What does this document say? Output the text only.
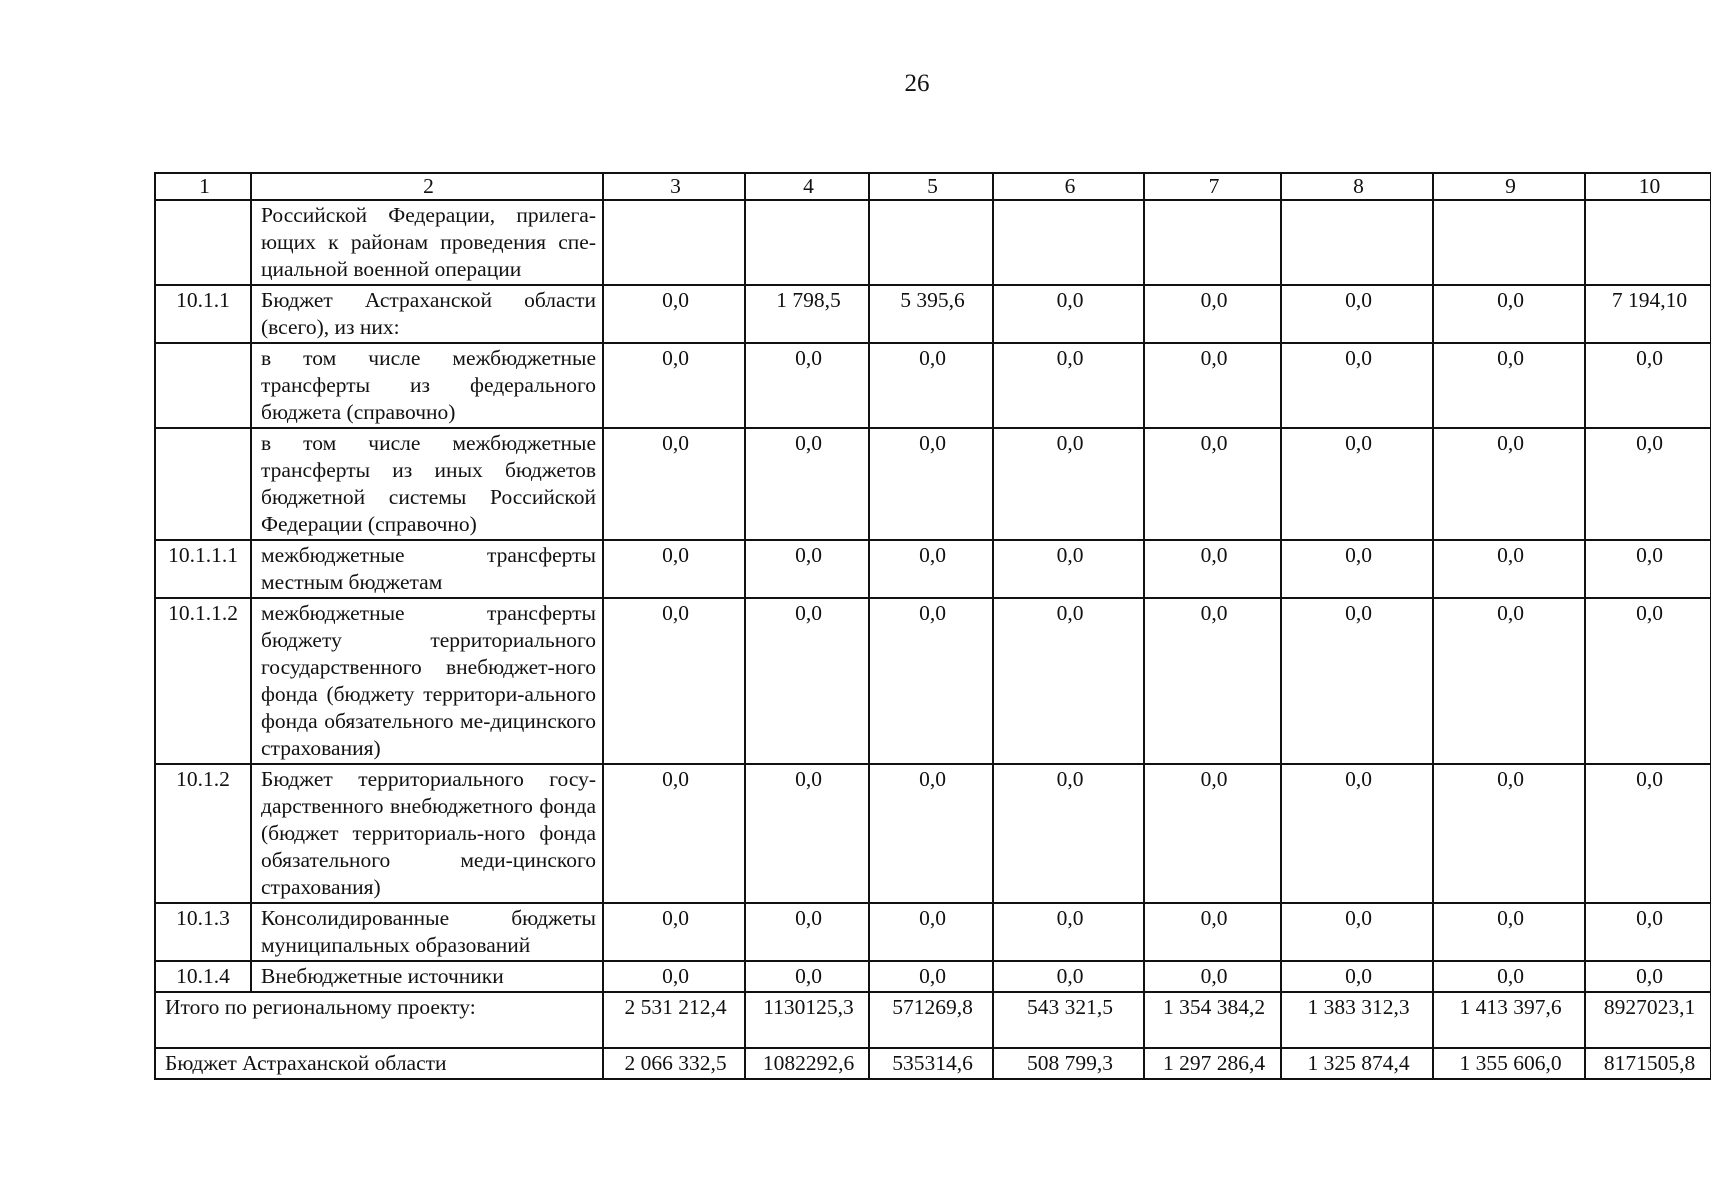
26
1	2	3	4	5	6	7	8	9	10
	Российской Федерации, прилега-ющих к районам проведения спе-циальной военной операции								
10.1.1	Бюджет Астраханской области (всего), из них:	0,0	1 798,5	5 395,6	0,0	0,0	0,0	0,0	7 194,10
	в том числе межбюджетные трансферты из федерального бюджета (справочно)	0,0	0,0	0,0	0,0	0,0	0,0	0,0	0,0
	в том числе межбюджетные трансферты из иных бюджетов бюджетной системы Российской Федерации (справочно)	0,0	0,0	0,0	0,0	0,0	0,0	0,0	0,0
10.1.1.1	межбюджетные трансферты местным бюджетам	0,0	0,0	0,0	0,0	0,0	0,0	0,0	0,0
10.1.1.2	межбюджетные трансферты бюджету территориального государственного внебюджет-ного фонда (бюджету территори-ального фонда обязательного ме-дицинского страхования)	0,0	0,0	0,0	0,0	0,0	0,0	0,0	0,0
10.1.2	Бюджет территориального госу-дарственного внебюджетного фонда (бюджет территориаль-ного фонда обязательного меди-цинского страхования)	0,0	0,0	0,0	0,0	0,0	0,0	0,0	0,0
10.1.3	Консолидированные бюджеты муниципальных образований	0,0	0,0	0,0	0,0	0,0	0,0	0,0	0,0
10.1.4	Внебюджетные источники	0,0	0,0	0,0	0,0	0,0	0,0	0,0	0,0
Итого по региональному проекту:		2 531 212,4	1130125,3	571269,8	543 321,5	1 354 384,2	1 383 312,3	1 413 397,6	8927023,1
Бюджет Астраханской области		2 066 332,5	1082292,6	535314,6	508 799,3	1 297 286,4	1 325 874,4	1 355 606,0	8171505,8
